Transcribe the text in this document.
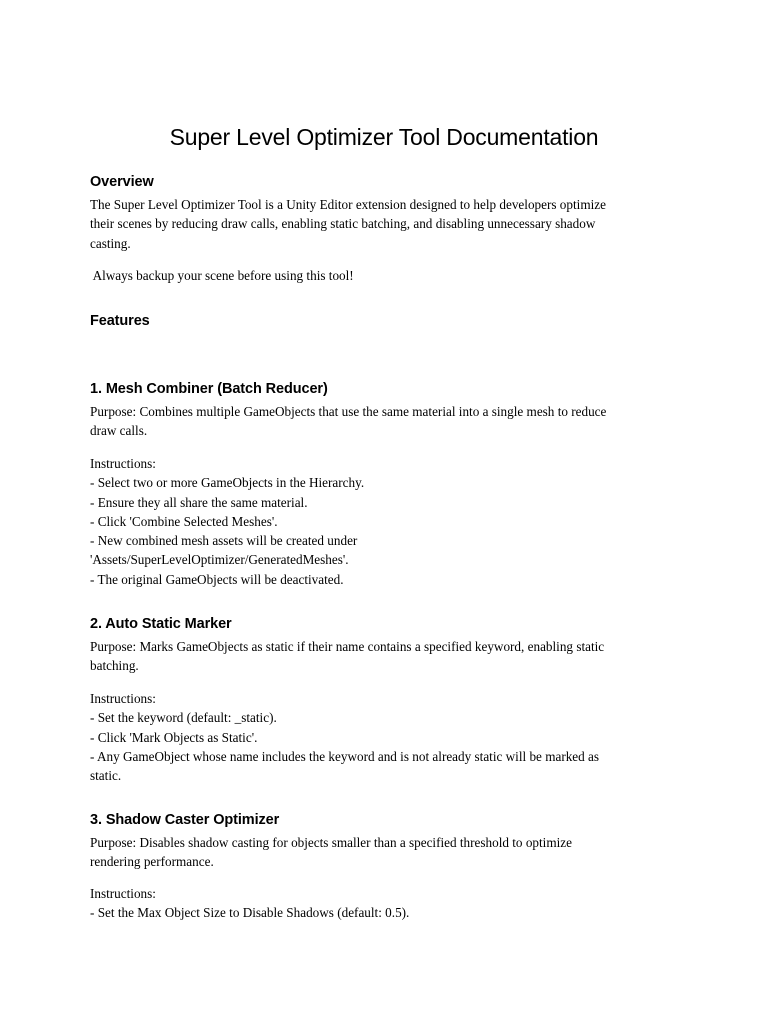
Super Level Optimizer Tool Documentation
Overview

The Super Level Optimizer Tool is a Unity Editor extension designed to help developers optimize
their scenes by reducing draw calls, enabling static batching, and disabling unnecessary shadow
casting.

Always backup your scene before using this tool!

Features
1. Mesh Combiner (Batch Reducer)

Purpose: Combines multiple GameObjects that use the same material into a single mesh to reduce
draw calls.

Instructions:
- Select two or more GameObjects in the Hierarchy.
- Ensure they all share the same material.
- Click 'Combine Selected Meshes'.
- New combined mesh assets will be created under
'Assets/SuperLevelOptimizer/GeneratedMeshes'.
- The original GameObjects will be deactivated.

2. Auto Static Marker

Purpose: Marks GameObjects as static if their name contains a specified keyword, enabling static
batching.

Instructions:
- Set the keyword (default: _static).
- Click 'Mark Objects as Static'.
- Any GameObject whose name includes the keyword and is not already static will be marked as
static.

3. Shadow Caster Optimizer

Purpose: Disables shadow casting for objects smaller than a specified threshold to optimize
rendering performance.

Instructions:
- Set the Max Object Size to Disable Shadows (default: 0.5).
